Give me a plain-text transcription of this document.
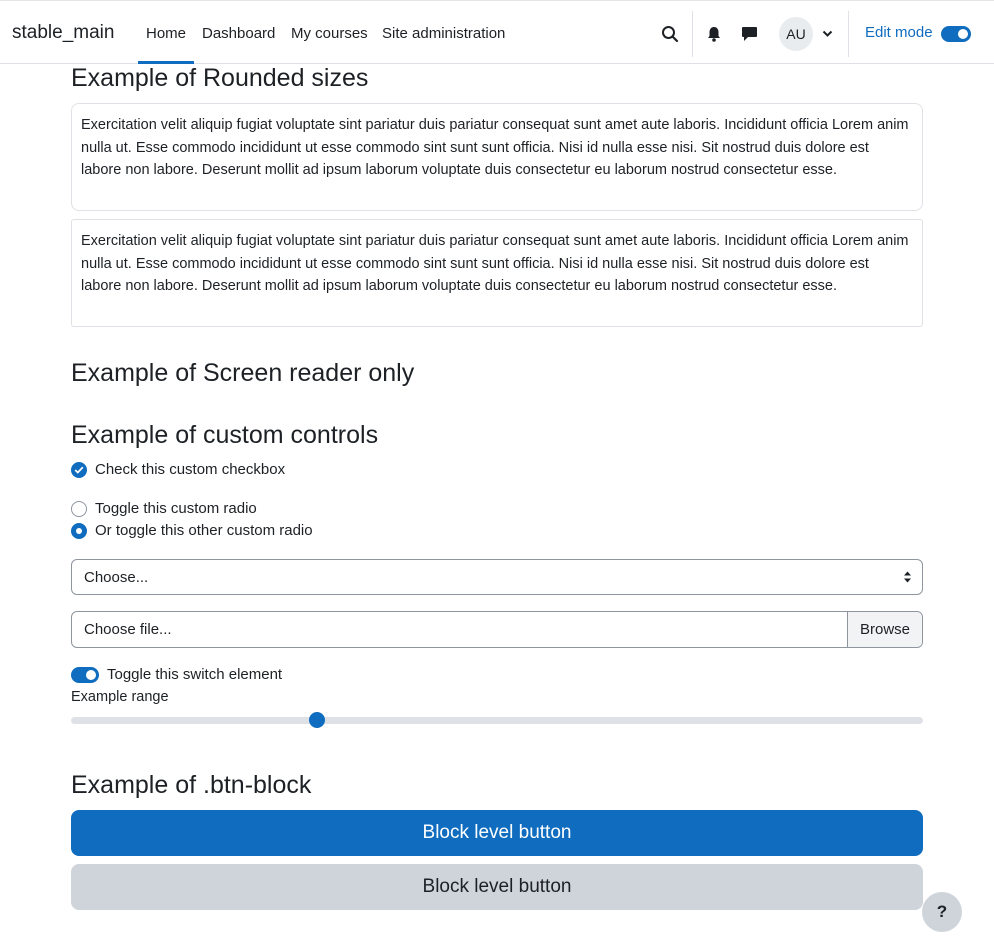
stable_main Home Dashboard My courses Site administration	AU	Edit mode
Example of Rounded sizes
Exercitation velit aliquip fugiat voluptate sint pariatur duis pariatur consequat sunt amet aute laboris. Incididunt officia Lorem anim nulla ut. Esse commodo incididunt ut esse commodo sint sunt sunt officia. Nisi id nulla esse nisi. Sit nostrud duis dolore est labore non labore. Deserunt mollit ad ipsum laborum voluptate duis consectetur eu laborum nostrud consectetur esse.
Exercitation velit aliquip fugiat voluptate sint pariatur duis pariatur consequat sunt amet aute laboris. Incididunt officia Lorem anim nulla ut. Esse commodo incididunt ut esse commodo sint sunt sunt officia. Nisi id nulla esse nisi. Sit nostrud duis dolore est labore non labore. Deserunt mollit ad ipsum laborum voluptate duis consectetur eu laborum nostrud consectetur esse.
Example of Screen reader only
Example of custom controls
Check this custom checkbox
Toggle this custom radio
Or toggle this other custom radio
Choose...
Choose file...	Browse
Toggle this switch element
Example range
Example of .btn-block
Block level button
Block level button
?
